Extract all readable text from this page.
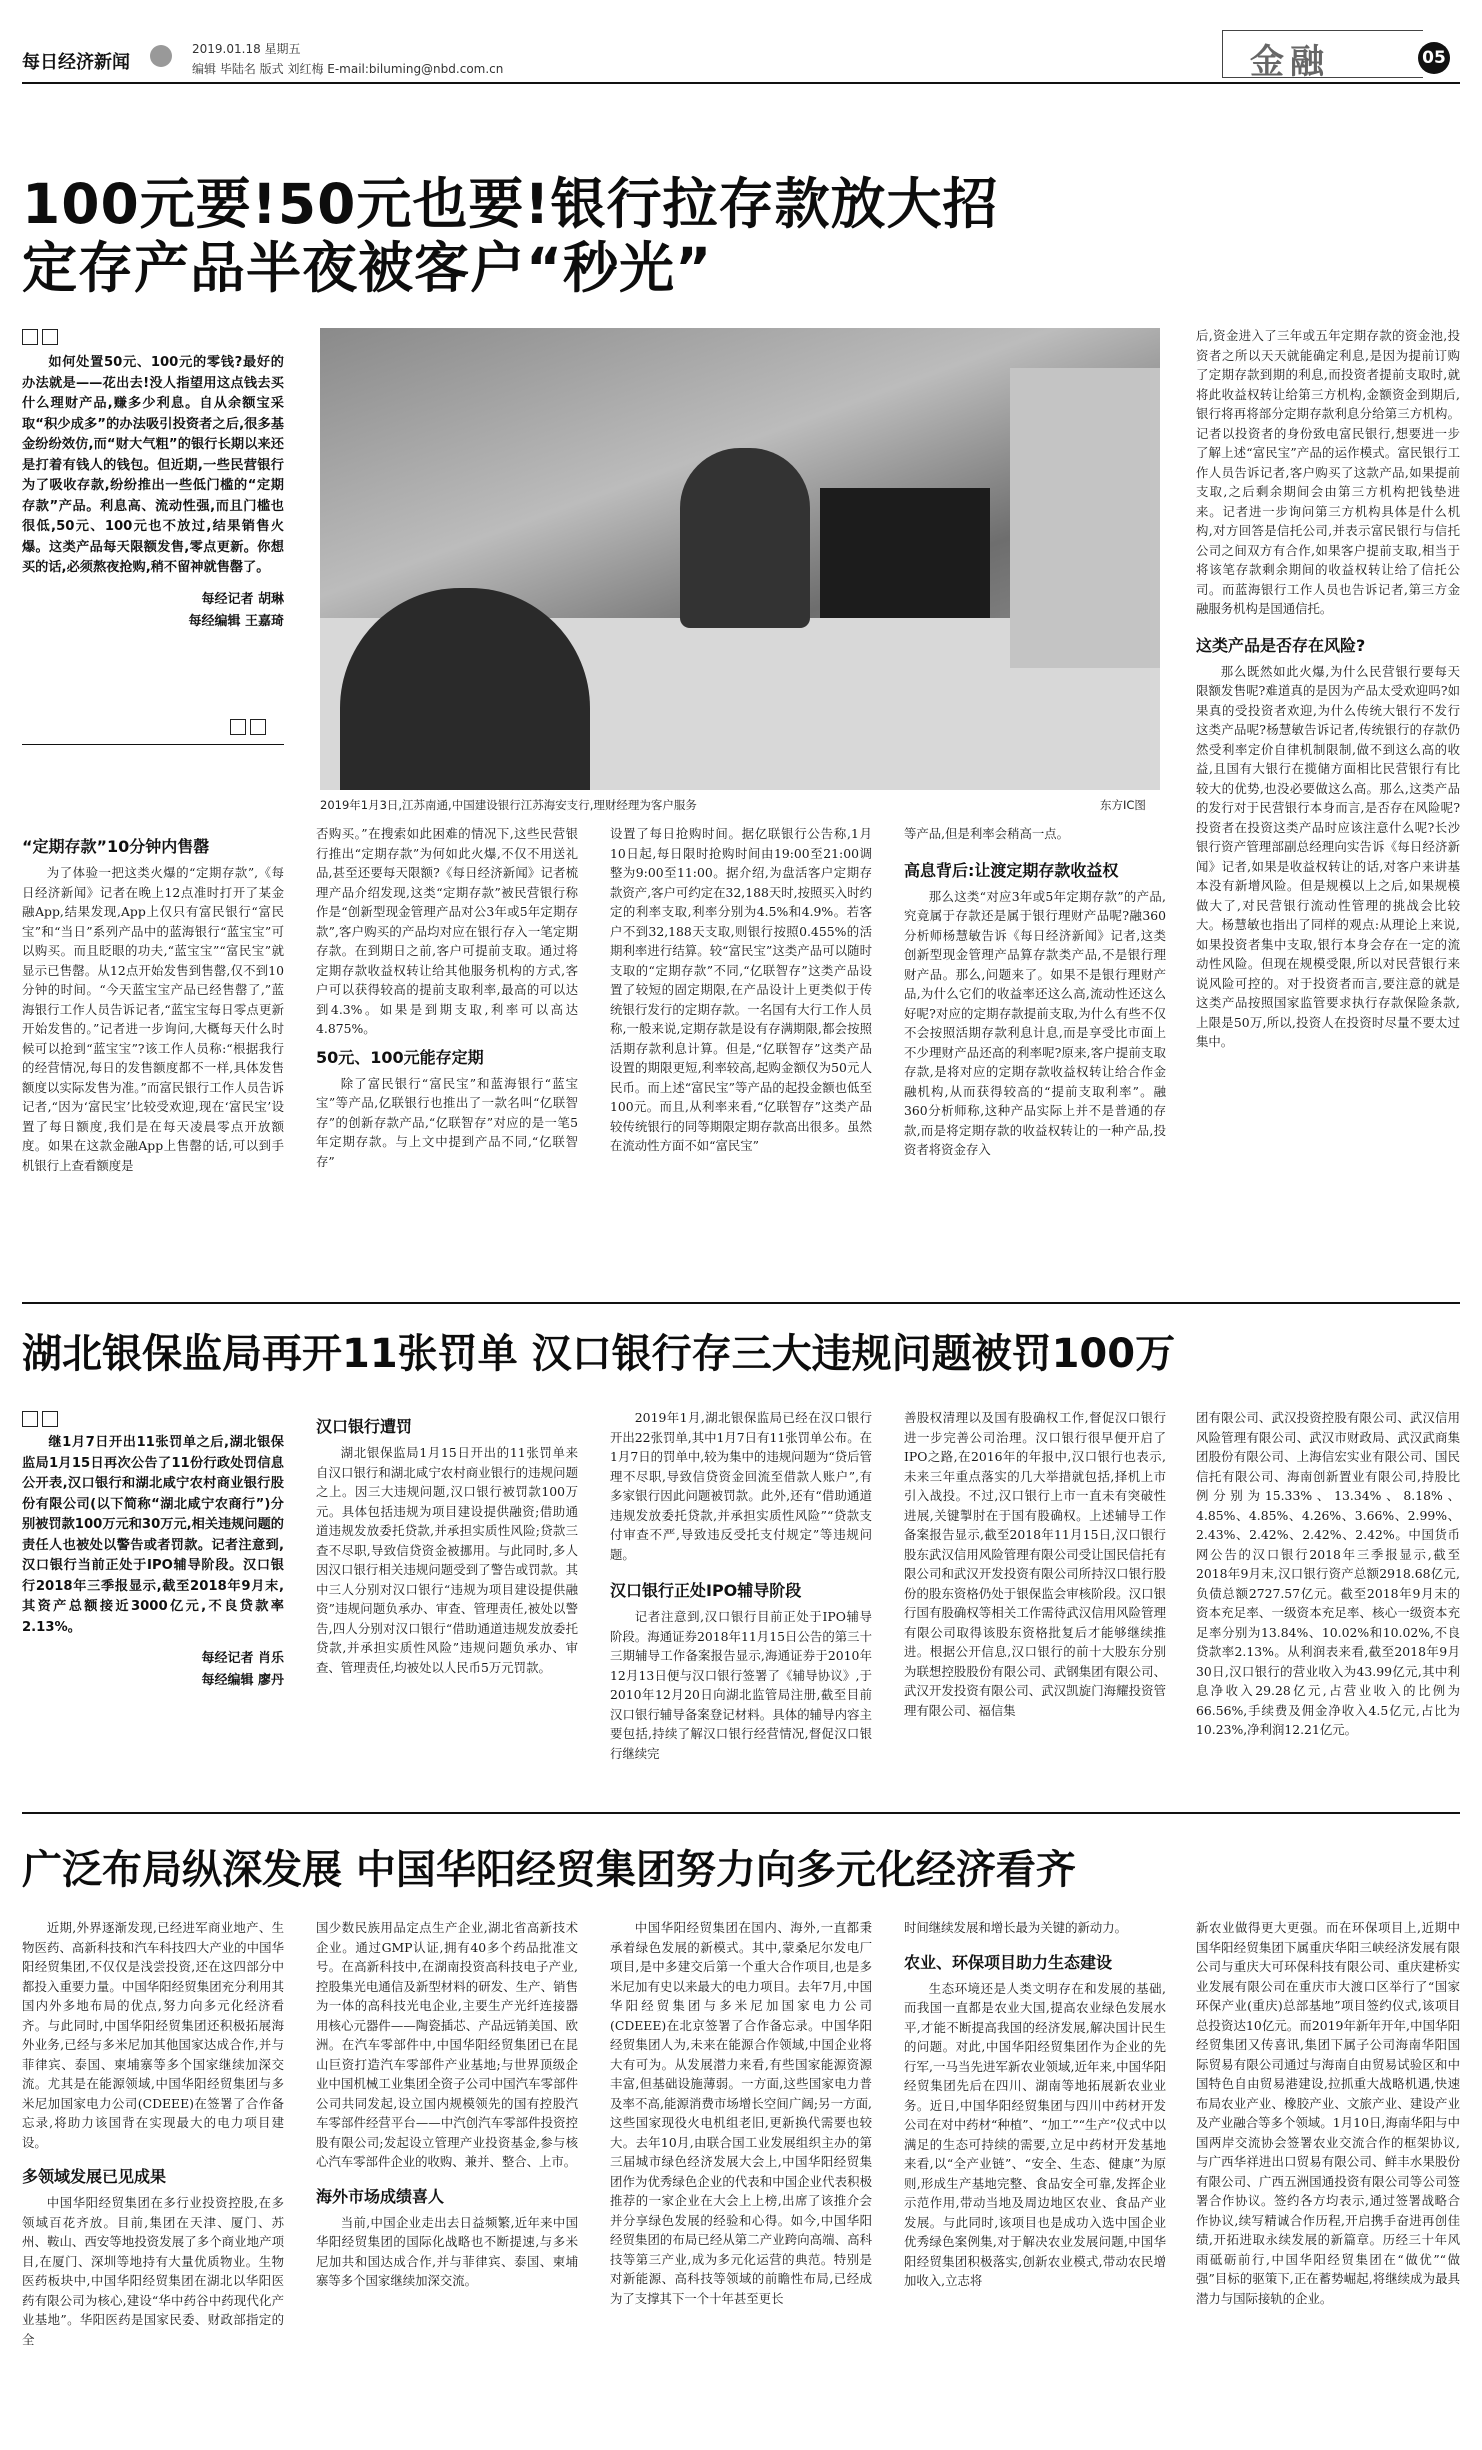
每日经济新闻
2019.01.18 星期五
编辑 毕陆名 版式 刘红梅 E-mail:biluming@nbd.com.cn	金融	05
100元要!50元也要!银行拉存款放大招
定存产品半夜被客户“秒光”

如何处置50元、100元的零钱?最好的办法就是——花出去!没人指望用这点钱去买什么理财产品,赚多少利息。自从余额宝采取“积少成多”的办法吸引投资者之后,很多基金纷纷效仿,而“财大气粗”的银行长期以来还是打着有钱人的钱包。但近期,一些民营银行为了吸收存款,纷纷推出一些低门槛的“定期存款”产品。利息高、流动性强,而且门槛也很低,50元、100元也不放过,结果销售火爆。这类产品每天限额发售,零点更新。你想买的话,必须熬夜抢购,稍不留神就售罄了。

每经记者 胡琳

每经编辑 王嘉琦

2019年1月3日,江苏南通,中国建设银行江苏海安支行,理财经理为客户服务	东方IC图
“定期存款”10分钟内售罄

为了体验一把这类火爆的“定期存款”,《每日经济新闻》记者在晚上12点准时打开了某金融App,结果发现,App上仅只有富民银行“富民宝”和“当日”系列产品中的蓝海银行“蓝宝宝”可以购买。而且眨眼的功夫,“蓝宝宝”“富民宝”就显示已售罄。从12点开始发售到售罄,仅不到10分钟的时间。“今天蓝宝宝产品已经售罄了,”蓝海银行工作人员告诉记者,“蓝宝宝每日零点更新开始发售的。”记者进一步询问,大概每天什么时候可以抢到“蓝宝宝”?该工作人员称:“根据我行的经营情况,每日的发售额度都不一样,具体发售额度以实际发售为准。”而富民银行工作人员告诉记者,“因为‘富民宝’比较受欢迎,现在‘富民宝’设置了每日额度,我们是在每天凌晨零点开放额度。如果在这款金融App上售罄的话,可以到手机银行上查看额度是

否购买。”在搜索如此困难的情况下,这些民营银行推出“定期存款”为何如此火爆,不仅不用送礼品,甚至还要每天限额?《每日经济新闻》记者梳理产品介绍发现,这类“定期存款”被民营银行称作是“创新型现金管理产品对公3年或5年定期存款”,客户购买的产品均对应在银行存入一笔定期存款。在到期日之前,客户可提前支取。通过将定期存款收益权转让给其他服务机构的方式,客户可以获得较高的提前支取利率,最高的可以达到4.3%。如果是到期支取,利率可以高达4.875%。

50元、100元能存定期

除了富民银行“富民宝”和蓝海银行“蓝宝宝”等产品,亿联银行也推出了一款名叫“亿联智存”的创新存款产品,“亿联智存”对应的是一笔5年定期存款。与上文中提到产品不同,“亿联智存”

设置了每日抢购时间。据亿联银行公告称,1月10日起,每日限时抢购时间由19:00至21:00调整为9:00至11:00。据介绍,为盘活客户定期存款资产,客户可约定在32,188天时,按照买入时约定的利率支取,利率分别为4.5%和4.9%。若客户不到32,188天支取,则银行按照0.455%的活期利率进行结算。较“富民宝”这类产品可以随时支取的“定期存款”不同,“亿联智存”这类产品设置了较短的固定期限,在产品设计上更类似于传统银行发行的定期存款。一名国有大行工作人员称,一般来说,定期存款是设有存满期限,都会按照活期存款利息计算。但是,“亿联智存”这类产品设置的期限更短,利率较高,起购金额仅为50元人民币。而上述“富民宝”等产品的起投金额也低至100元。而且,从利率来看,“亿联智存”这类产品较传统银行的同等期限定期存款高出很多。虽然在流动性方面不如“富民宝”

等产品,但是利率会稍高一点。

高息背后:让渡定期存款收益权

那么这类“对应3年或5年定期存款”的产品,究竟属于存款还是属于银行理财产品呢?融360分析师杨慧敏告诉《每日经济新闻》记者,这类创新型现金管理产品算存款类产品,不是银行理财产品。那么,问题来了。如果不是银行理财产品,为什么它们的收益率还这么高,流动性还这么好呢?对应的定期存款提前支取,为什么有些不仅不会按照活期存款利息计息,而是享受比市面上不少理财产品还高的利率呢?原来,客户提前支取存款,是将对应的定期存款收益权转让给合作金融机构,从而获得较高的“提前支取利率”。融360分析师称,这种产品实际上并不是普通的存款,而是将定期存款的收益权转让的一种产品,投资者将资金存入

后,资金进入了三年或五年定期存款的资金池,投资者之所以天天就能确定利息,是因为提前订购了定期存款到期的利息,而投资者提前支取时,就将此收益权转让给第三方机构,金额资金到期后,银行将再将部分定期存款利息分给第三方机构。记者以投资者的身份致电富民银行,想要进一步了解上述“富民宝”产品的运作模式。富民银行工作人员告诉记者,客户购买了这款产品,如果提前支取,之后剩余期间会由第三方机构把钱垫进来。记者进一步询问第三方机构具体是什么机构,对方回答是信托公司,并表示富民银行与信托公司之间双方有合作,如果客户提前支取,相当于将该笔存款剩余期间的收益权转让给了信托公司。而蓝海银行工作人员也告诉记者,第三方金融服务机构是国通信托。

这类产品是否存在风险?

那么既然如此火爆,为什么民营银行要每天限额发售呢?难道真的是因为产品太受欢迎吗?如果真的受投资者欢迎,为什么传统大银行不发行这类产品呢?杨慧敏告诉记者,传统银行的存款仍然受利率定价自律机制限制,做不到这么高的收益,且国有大银行在揽储方面相比民营银行有比较大的优势,也没必要做这么高。那么,这类产品的发行对于民营银行本身而言,是否存在风险呢?投资者在投资这类产品时应该注意什么呢?长沙银行资产管理部副总经理向实告诉《每日经济新闻》记者,如果是收益权转让的话,对客户来讲基本没有新增风险。但是规模以上之后,如果规模做大了,对民营银行流动性管理的挑战会比较大。杨慧敏也指出了同样的观点:从理论上来说,如果投资者集中支取,银行本身会存在一定的流动性风险。但现在规模受限,所以对民营银行来说风险可控的。对于投资者而言,要注意的就是这类产品按照国家监管要求执行存款保险条款,上限是50万,所以,投资人在投资时尽量不要太过集中。

湖北银保监局再开11张罚单 汉口银行存三大违规问题被罚100万

继1月7日开出11张罚单之后,湖北银保监局1月15日再次公告了11份行政处罚信息公开表,汉口银行和湖北咸宁农村商业银行股份有限公司(以下简称“湖北咸宁农商行”)分别被罚款100万元和30万元,相关违规问题的责任人也被处以警告或者罚款。记者注意到,汉口银行当前正处于IPO辅导阶段。汉口银行2018年三季报显示,截至2018年9月末,其资产总额接近3000亿元,不良贷款率2.13%。

每经记者 肖乐

每经编辑 廖丹

汉口银行遭罚

湖北银保监局1月15日开出的11张罚单来自汉口银行和湖北咸宁农村商业银行的违规问题之上。因三大违规问题,汉口银行被罚款100万元。具体包括违规为项目建设提供融资;借助通道违规发放委托贷款,并承担实质性风险;贷款三查不尽职,导致信贷资金被挪用。与此同时,多人因汉口银行相关违规问题受到了警告或罚款。其中三人分别对汉口银行“违规为项目建设提供融资”违规问题负承办、审查、管理责任,被处以警告,四人分别对汉口银行“借助通道违规发放委托贷款,并承担实质性风险”违规问题负承办、审查、管理责任,均被处以人民币5万元罚款。

2019年1月,湖北银保监局已经在汉口银行开出22张罚单,其中1月7日有11张罚单公布。在1月7日的罚单中,较为集中的违规问题为“贷后管理不尽职,导致信贷资金回流至借款人账户”,有多家银行因此问题被罚款。此外,还有“借助通道违规发放委托贷款,并承担实质性风险”“贷款支付审查不严,导致违反受托支付规定”等违规问题。

汉口银行正处IPO辅导阶段

记者注意到,汉口银行目前正处于IPO辅导阶段。海通证券2018年11月15日公告的第三十三期辅导工作备案报告显示,海通证券于2010年12月13日便与汉口银行签署了《辅导协议》,于2010年12月20日向湖北监管局注册,截至目前汉口银行辅导备案登记材料。具体的辅导内容主要包括,持续了解汉口银行经营情况,督促汉口银行继续完

善股权清理以及国有股确权工作,督促汉口银行进一步完善公司治理。汉口银行很早便开启了IPO之路,在2016年的年报中,汉口银行也表示,未来三年重点落实的几大举措就包括,择机上市引入战投。不过,汉口银行上市一直未有突破性进展,关键掣肘在于国有股确权。上述辅导工作备案报告显示,截至2018年11月15日,汉口银行股东武汉信用风险管理有限公司受让国民信托有限公司和武汉开发投资有限公司所持汉口银行股份的股东资格仍处于银保监会审核阶段。汉口银行国有股确权等相关工作需待武汉信用风险管理有限公司取得该股东资格批复后才能够继续推进。根据公开信息,汉口银行的前十大股东分别为联想控股股份有限公司、武钢集团有限公司、武汉开发投资有限公司、武汉凯旋门海耀投资管理有限公司、福信集

团有限公司、武汉投资控股有限公司、武汉信用风险管理有限公司、武汉市财政局、武汉武商集团股份有限公司、上海信宏实业有限公司、国民信托有限公司、海南创新置业有限公司,持股比例分别为15.33%、13.34%、8.18%、4.85%、4.85%、4.26%、3.66%、2.99%、2.43%、2.42%、2.42%、2.42%。中国货币网公告的汉口银行2018年三季报显示,截至2018年9月末,汉口银行资产总额2918.68亿元,负债总额2727.57亿元。截至2018年9月末的资本充足率、一级资本充足率、核心一级资本充足率分别为13.84%、10.02%和10.02%,不良贷款率2.13%。从利润表来看,截至2018年9月30日,汉口银行的营业收入为43.99亿元,其中利息净收入29.28亿元,占营业收入的比例为66.56%,手续费及佣金净收入4.5亿元,占比为10.23%,净利润12.21亿元。

广泛布局纵深发展 中国华阳经贸集团努力向多元化经济看齐

近期,外界逐渐发现,已经进军商业地产、生物医药、高新科技和汽车科技四大产业的中国华阳经贸集团,不仅仅是浅尝投资,还在这四部分中都投入重要力量。中国华阳经贸集团充分利用其国内外多地布局的优点,努力向多元化经济看齐。与此同时,中国华阳经贸集团还积极拓展海外业务,已经与多米尼加其他国家达成合作,并与菲律宾、泰国、柬埔寨等多个国家继续加深交流。尤其是在能源领域,中国华阳经贸集团与多米尼加国家电力公司(CDEEE)在签署了合作备忘录,将助力该国背在实现最大的电力项目建设。

多领域发展已见成果

中国华阳经贸集团在多行业投资控股,在多领域百花齐放。目前,集团在天津、厦门、苏州、鞍山、西安等地投资发展了多个商业地产项目,在厦门、深圳等地持有大量优质物业。生物医药板块中,中国华阳经贸集团在湖北以华阳医药有限公司为核心,建设“华中药谷中药现代化产业基地”。华阳医药是国家民委、财政部指定的全

国少数民族用品定点生产企业,湖北省高新技术企业。通过GMP认证,拥有40多个药品批准文号。在高新科技中,在湖南投资高科技电子产业,控股集光电通信及新型材料的研发、生产、销售为一体的高科技光电企业,主要生产光纤连接器用核心元器件——陶瓷插芯、产品远销美国、欧洲。在汽车零部件中,中国华阳经贸集团已在昆山巨资打造汽车零部件产业基地;与世界顶级企业中国机械工业集团全资子公司中国汽车零部件公司共同发起,设立国内规模领先的国有控股汽车零部件经营平台——中汽创汽车零部件投资控股有限公司;发起设立管理产业投资基金,参与核心汽车零部件企业的收购、兼并、整合、上市。

海外市场成绩喜人

当前,中国企业走出去日益频繁,近年来中国华阳经贸集团的国际化战略也不断提速,与多米尼加共和国达成合作,并与菲律宾、泰国、柬埔寨等多个国家继续加深交流。

中国华阳经贸集团在国内、海外,一直都秉承着绿色发展的新模式。其中,蒙桑尼尔发电厂项目,是中多建交后第一个重大合作项目,也是多米尼加有史以来最大的电力项目。去年7月,中国华阳经贸集团与多米尼加国家电力公司(CDEEE)在北京签署了合作备忘录。中国华阳经贸集团人为,未来在能源合作领域,中国企业将大有可为。从发展潜力来看,有些国家能源资源丰富,但基础设施薄弱。一方面,这些国家电力普及率不高,能源消费市场增长空间广阔;另一方面,这些国家现役火电机组老旧,更新换代需要也较大。去年10月,由联合国工业发展组织主办的第三届城市绿色经济发展大会上,中国华阳经贸集团作为优秀绿色企业的代表和中国企业代表积极推荐的一家企业在大会上上榜,出席了该推介会并分享绿色发展的经验和心得。如今,中国华阳经贸集团的布局已经从第二产业跨向高端、高科技等第三产业,成为多元化运营的典范。特别是对新能源、高科技等领域的前瞻性布局,已经成为了支撑其下一个十年甚至更长

时间继续发展和增长最为关键的新动力。

农业、环保项目助力生态建设

生态环境还是人类文明存在和发展的基础,而我国一直都是农业大国,提高农业绿色发展水平,才能不断提高我国的经济发展,解决国计民生的问题。对此,中国华阳经贸集团作为企业的先行军,一马当先进军新农业领域,近年来,中国华阳经贸集团先后在四川、湖南等地拓展新农业业务。近日,中国华阳经贸集团与四川中药材开发公司在对中药材“种植”、“加工”“生产”仪式中以满足的生态可持续的需要,立足中药材开发基地来看,以“全产业链”、“安全、生态、健康”为原则,形成生产基地完整、食品安全可靠,发挥企业示范作用,带动当地及周边地区农业、食品产业发展。与此同时,该项目也是成功入选中国企业优秀绿色案例集,对于解决农业发展问题,中国华阳经贸集团积极落实,创新农业模式,带动农民增加收入,立志将

新农业做得更大更强。而在环保项目上,近期中国华阳经贸集团下属重庆华阳三峡经济发展有限公司与重庆大可环保科技有限公司、重庆建桥实业发展有限公司在重庆市大渡口区举行了“国家环保产业(重庆)总部基地”项目签约仪式,该项目总投资达10亿元。而2019年新年开年,中国华阳经贸集团又传喜讯,集团下属子公司海南华阳国际贸易有限公司通过与海南自由贸易试验区和中国特色自由贸易港建设,拉抓重大战略机遇,快速布局农业产业、橡胶产业、文旅产业、建设产业及产业融合等多个领域。1月10日,海南华阳与中国两岸交流协会签署农业交流合作的框架协议,与广西华祥进出口贸易有限公司、鲜丰水果股份有限公司、广西五洲国通投资有限公司等公司签署合作协议。签约各方均表示,通过签署战略合作协议,续写精诚合作历程,开启携手奋进再创佳绩,开拓进取永续发展的新篇章。历经三十年风雨砥砺前行,中国华阳经贸集团在“做优”“做强”目标的驱策下,正在蓄势崛起,将继续成为最具潜力与国际接轨的企业。
